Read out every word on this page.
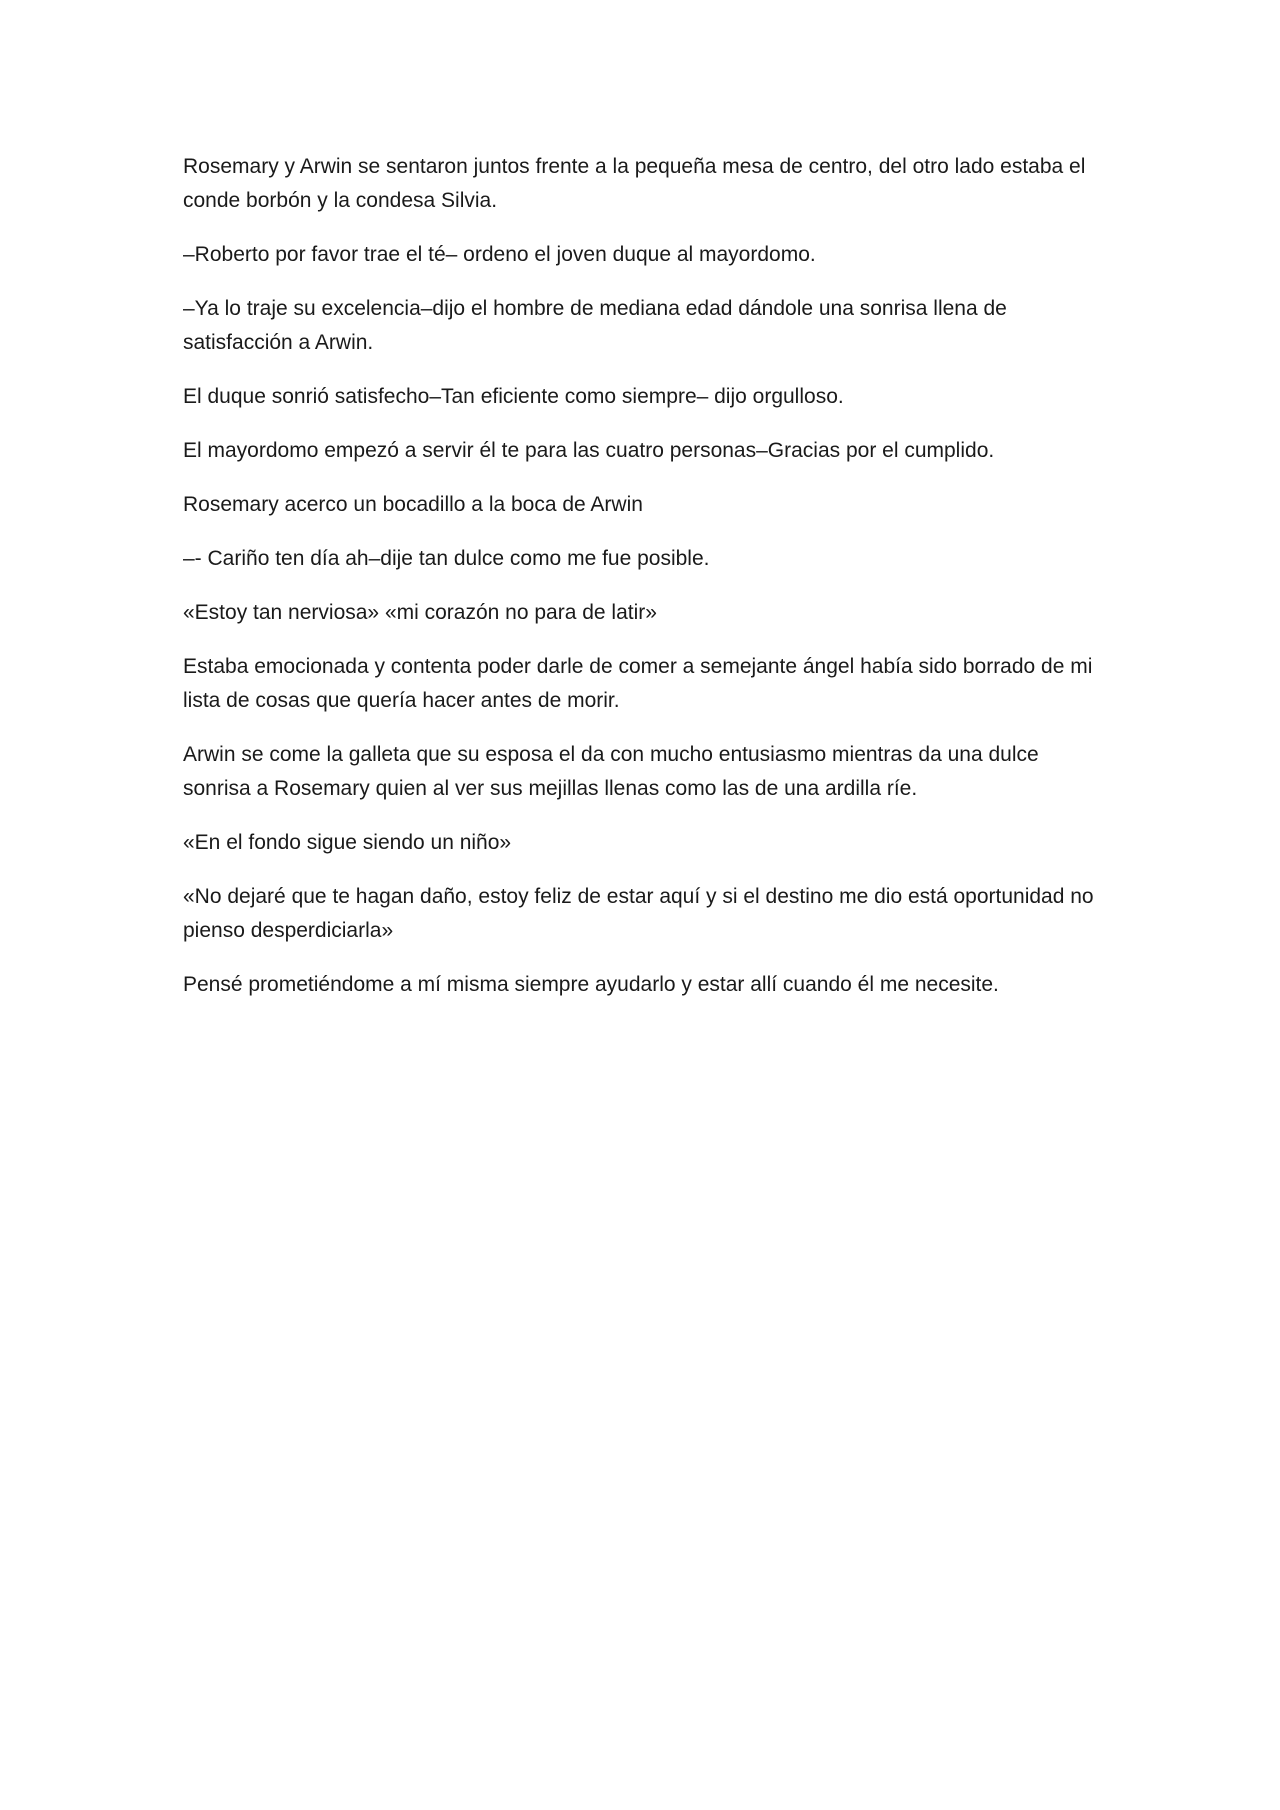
Rosemary y Arwin se sentaron juntos frente a la pequeña mesa de centro, del otro lado estaba el conde borbón y la condesa Silvia.

–Roberto por favor trae el té– ordeno el joven duque al mayordomo.

–Ya lo traje su excelencia–dijo el hombre de mediana edad dándole una sonrisa llena de satisfacción a Arwin.

El duque sonrió satisfecho–Tan eficiente como siempre– dijo orgulloso.

El mayordomo empezó a servir él te para las cuatro personas–Gracias por el cumplido.

Rosemary acerco un bocadillo a la boca de Arwin

–- Cariño ten día ah–dije tan dulce como me fue posible.

«Estoy tan nerviosa» «mi corazón no para de latir»

Estaba emocionada y contenta poder darle de comer a semejante ángel había sido borrado de mi lista de cosas que quería hacer antes de morir.

Arwin se come la galleta que su esposa el da con mucho entusiasmo mientras da una dulce sonrisa a Rosemary quien al ver sus mejillas llenas como las de una ardilla ríe.

«En el fondo sigue siendo un niño»

«No dejaré que te hagan daño, estoy feliz de estar aquí y si el destino me dio está oportunidad no pienso desperdiciarla»

Pensé prometiéndome a mí misma siempre ayudarlo y estar allí cuando él me necesite.
